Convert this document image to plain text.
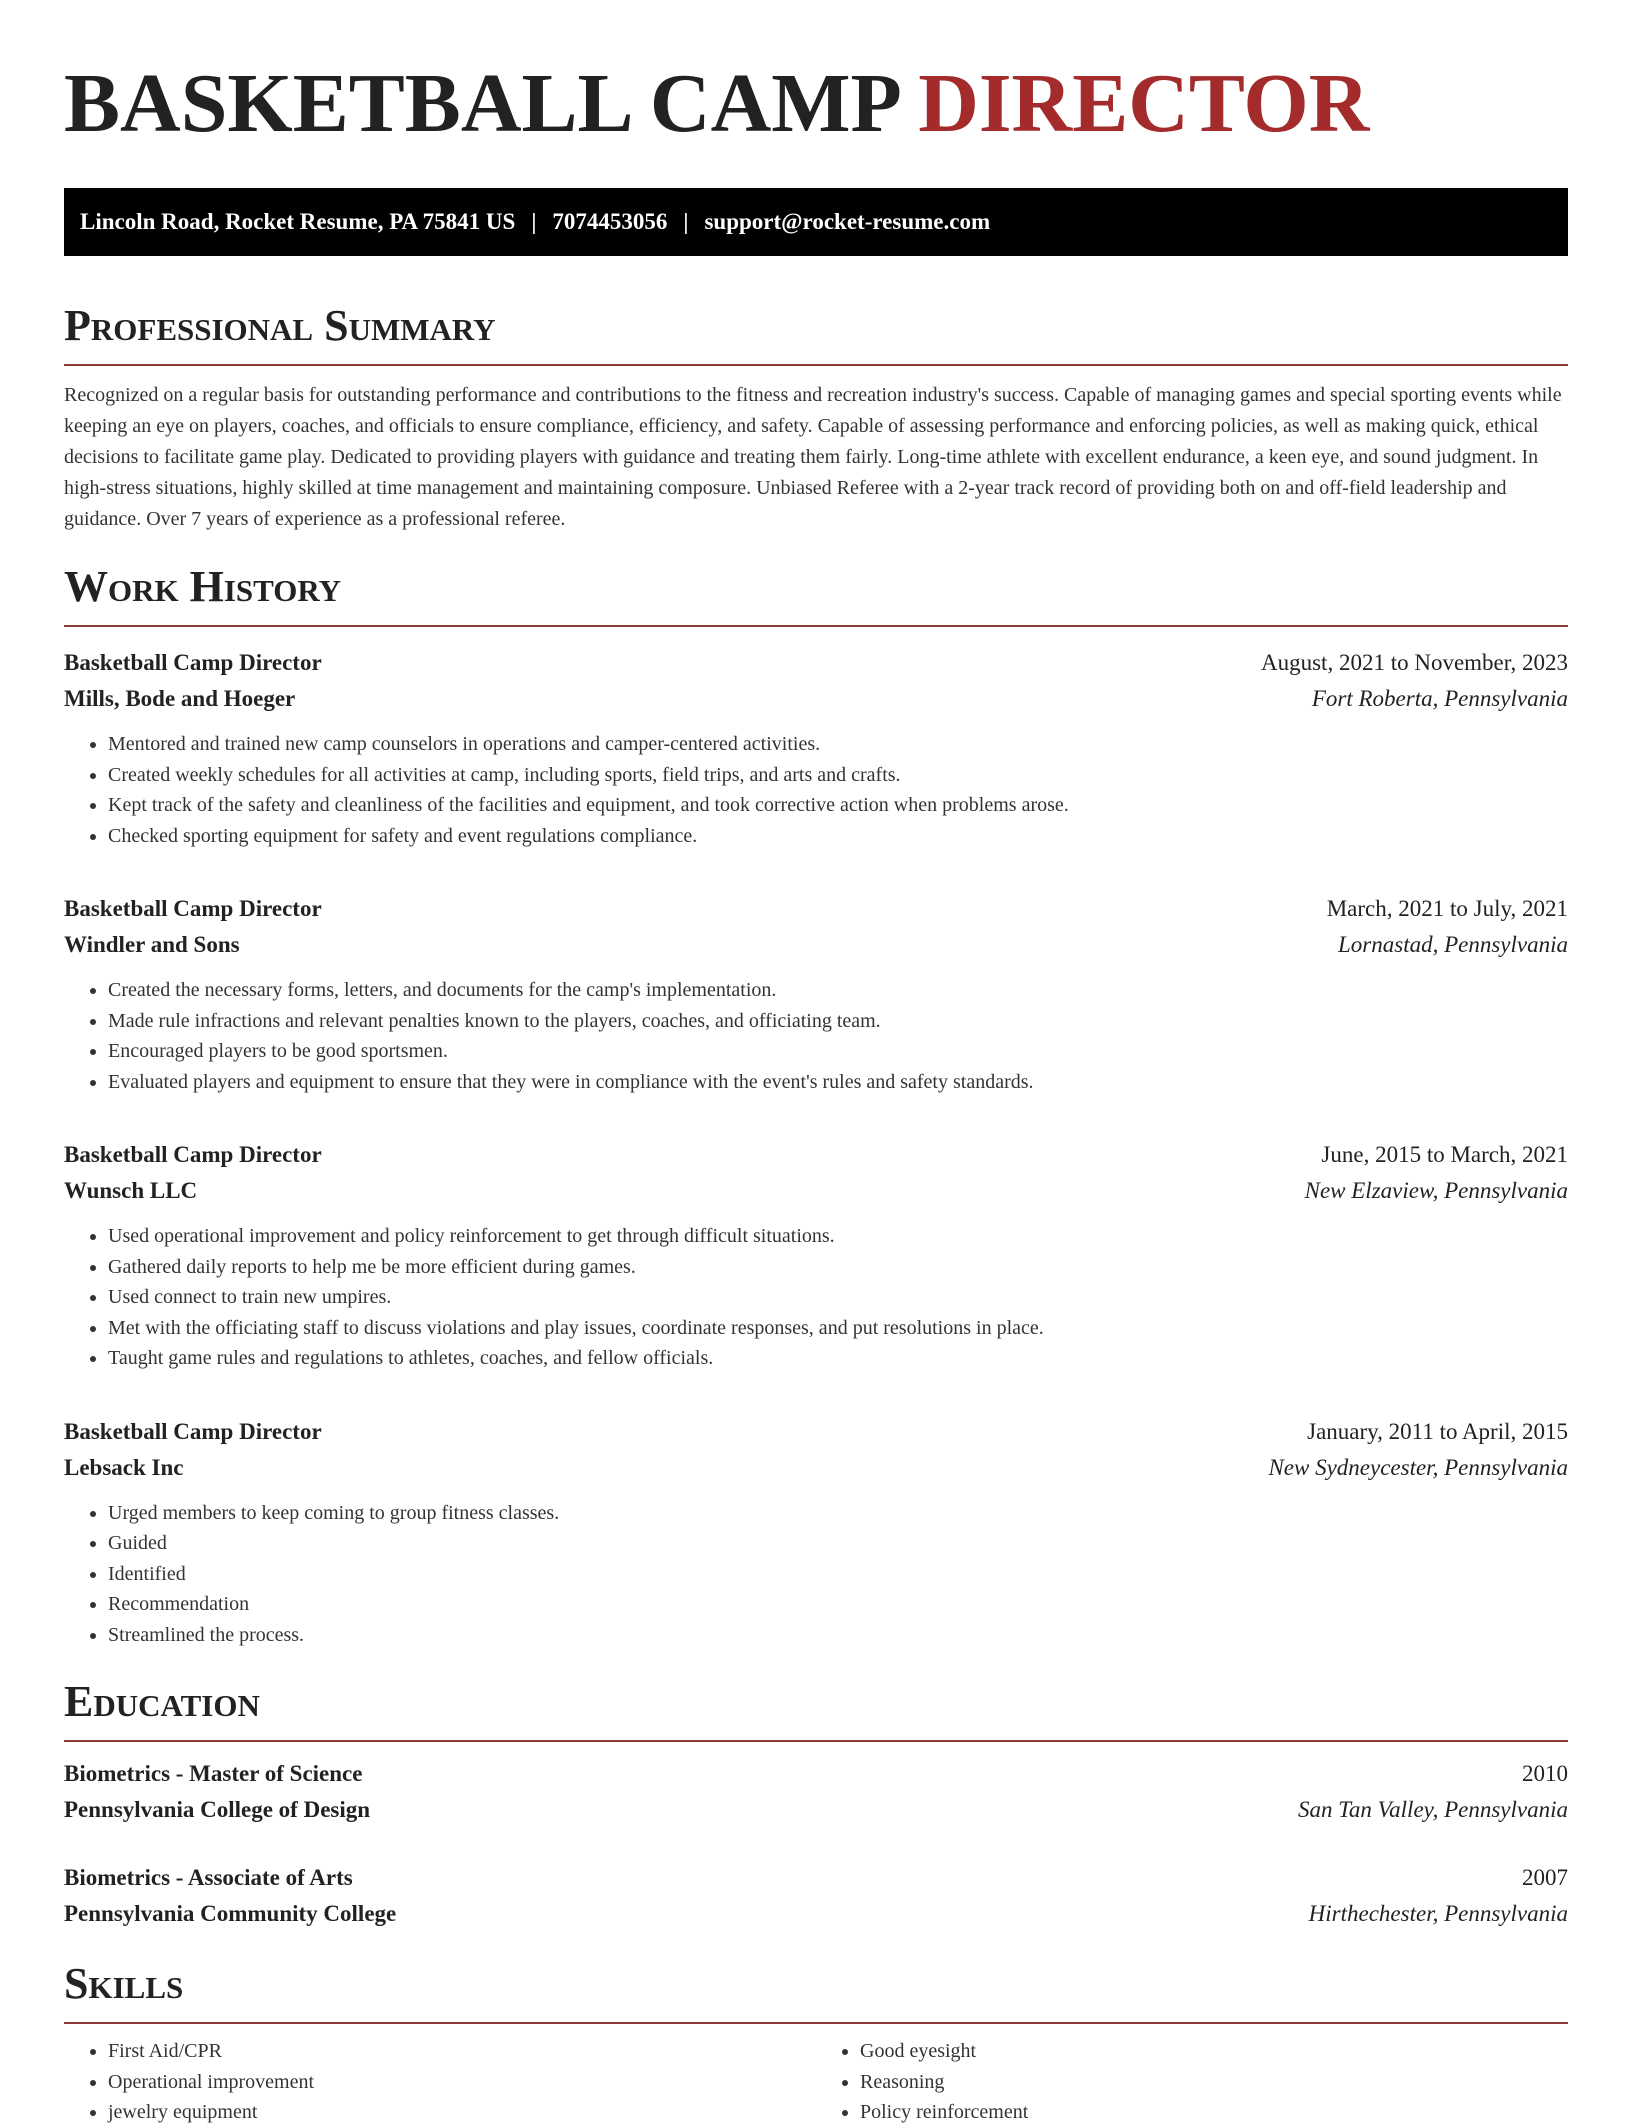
BASKETBALL CAMP DIRECTOR
Lincoln Road, Rocket Resume, PA 75841 US | 7074453056 | support@rocket-resume.com
Professional Summary

Recognized on a regular basis for outstanding performance and contributions to the fitness and recreation industry's success. Capable of managing games and special sporting events while keeping an eye on players, coaches, and officials to ensure compliance, efficiency, and safety. Capable of assessing performance and enforcing policies, as well as making quick, ethical decisions to facilitate game play. Dedicated to providing players with guidance and treating them fairly. Long-time athlete with excellent endurance, a keen eye, and sound judgment. In high-stress situations, highly skilled at time management and maintaining composure. Unbiased Referee with a 2-year track record of providing both on and off-field leadership and guidance. Over 7 years of experience as a professional referee.

Work History
Basketball Camp Director	August, 2021 to November, 2023
Mills, Bode and Hoeger	Fort Roberta, Pennsylvania
• Mentored and trained new camp counselors in operations and camper-centered activities.
• Created weekly schedules for all activities at camp, including sports, field trips, and arts and crafts.
• Kept track of the safety and cleanliness of the facilities and equipment, and took corrective action when problems arose.
• Checked sporting equipment for safety and event regulations compliance.
Basketball Camp Director	March, 2021 to July, 2021
Windler and Sons	Lornastad, Pennsylvania
• Created the necessary forms, letters, and documents for the camp's implementation.
• Made rule infractions and relevant penalties known to the players, coaches, and officiating team.
• Encouraged players to be good sportsmen.
• Evaluated players and equipment to ensure that they were in compliance with the event's rules and safety standards.
Basketball Camp Director	June, 2015 to March, 2021
Wunsch LLC	New Elzaview, Pennsylvania
• Used operational improvement and policy reinforcement to get through difficult situations.
• Gathered daily reports to help me be more efficient during games.
• Used connect to train new umpires.
• Met with the officiating staff to discuss violations and play issues, coordinate responses, and put resolutions in place.
• Taught game rules and regulations to athletes, coaches, and fellow officials.
Basketball Camp Director	January, 2011 to April, 2015
Lebsack Inc	New Sydneycester, Pennsylvania
• Urged members to keep coming to group fitness classes.
• Guided
• Identified
• Recommendation
• Streamlined the process.
Education
Biometrics - Master of Science	2010
Pennsylvania College of Design	San Tan Valley, Pennsylvania
Biometrics - Associate of Arts	2007
Pennsylvania Community College	Hirthechester, Pennsylvania
Skills
• First Aid/CPR
• Operational improvement
• jewelry equipment
• Good eyesight
• Reasoning
• Policy reinforcement
